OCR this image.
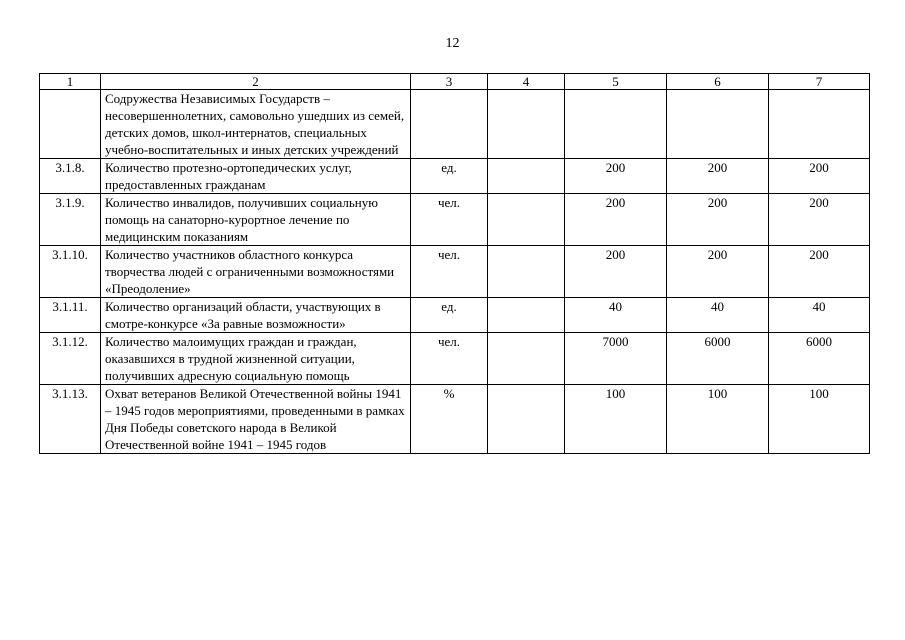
12
1	2	3	4	5	6	7
	Содружества Независимых Государств – несовершеннолетних, самовольно ушедших из семей, детских домов, школ-интернатов, специальных учебно-воспитательных и иных детских учреждений					
3.1.8.	Количество протезно-ортопедических услуг, предоставленных гражданам	ед.		200	200	200
3.1.9.	Количество инвалидов, получивших социальную помощь на санаторно-курортное лечение по медицинским показаниям	чел.		200	200	200
3.1.10.	Количество участников областного конкурса творчества людей с ограниченными возможностями «Преодоление»	чел.		200	200	200
3.1.11.	Количество организаций области, участвующих в смотре-конкурсе «За равные возможности»	ед.		40	40	40
3.1.12.	Количество малоимущих граждан и граждан, оказавшихся в трудной жизненной ситуации, получивших адресную социальную помощь	чел.		7000	6000	6000
3.1.13.	Охват ветеранов Великой Отечественной войны 1941 – 1945 годов мероприятиями, проведенными в рамках Дня Победы советского народа в Великой Отечественной войне 1941 – 1945 годов	%		100	100	100
